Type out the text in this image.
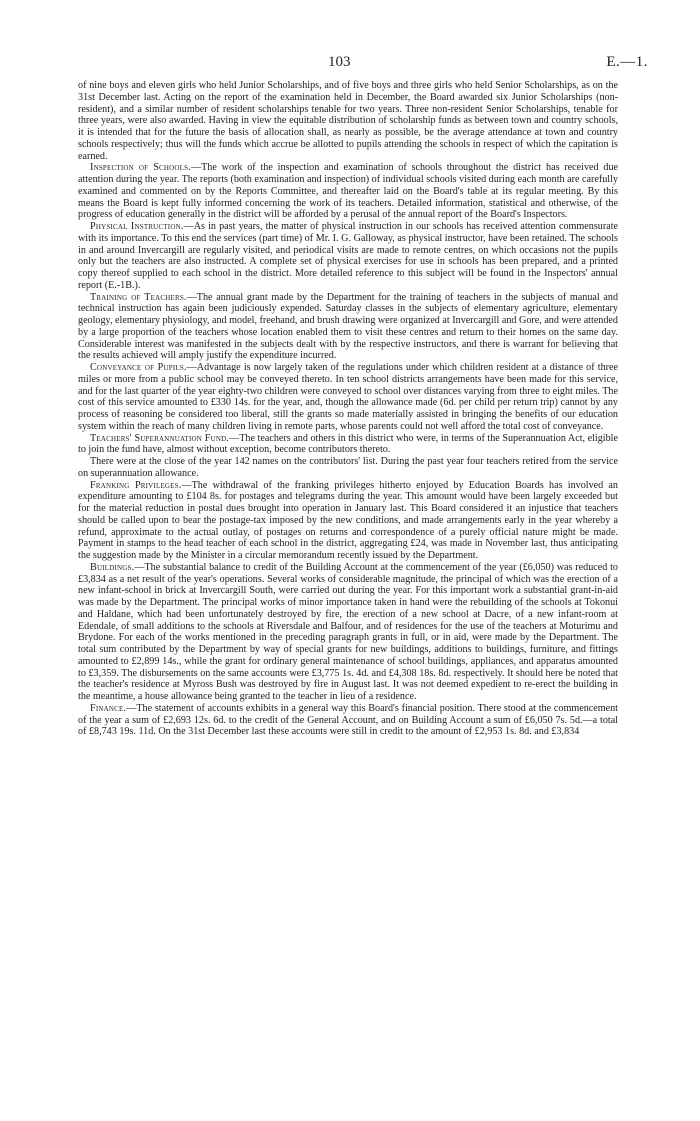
103	E.—1.

of nine boys and eleven girls who held Junior Scholarships, and of five boys and three girls who held Senior Scholarships, as on the 31st December last. Acting on the report of the examination held in December, the Board awarded six Junior Scholarships (non-resident), and a similar number of resident scholarships tenable for two years. Three non-resident Senior Scholarships, tenable for three years, were also awarded. Having in view the equitable distribution of scholarship funds as between town and country schools, it is intended that for the future the basis of allocation shall, as nearly as possible, be the average attendance at town and country schools respectively; thus will the funds which accrue be allotted to pupils attending the schools in respect of which the capitation is earned.

Inspection of Schools.—The work of the inspection and examination of schools throughout the district has received due attention during the year. The reports (both examination and inspection) of individual schools visited during each month are carefully examined and commented on by the Reports Committee, and thereafter laid on the Board's table at its regular meeting. By this means the Board is kept fully informed concerning the work of its teachers. Detailed information, statistical and otherwise, of the progress of education generally in the district will be afforded by a perusal of the annual report of the Board's Inspectors.

Physical Instruction.—As in past years, the matter of physical instruction in our schools has received attention commensurate with its importance. To this end the services (part time) of Mr. I. G. Galloway, as physical instructor, have been retained. The schools in and around Invercargill are regularly visited, and periodical visits are made to remote centres, on which occasions not the pupils only but the teachers are also instructed. A complete set of physical exercises for use in schools has been prepared, and a printed copy thereof supplied to each school in the district. More detailed reference to this subject will be found in the Inspectors' annual report (E.-1B.).

Training of Teachers.—The annual grant made by the Department for the training of teachers in the subjects of manual and technical instruction has again been judiciously expended. Saturday classes in the subjects of elementary agriculture, elementary geology, elementary physiology, and model, freehand, and brush drawing were organized at Invercargill and Gore, and were attended by a large proportion of the teachers whose location enabled them to visit these centres and return to their homes on the same day. Considerable interest was manifested in the subjects dealt with by the respective instructors, and there is warrant for believing that the results achieved will amply justify the expenditure incurred.

Conveyance of Pupils.—Advantage is now largely taken of the regulations under which children resident at a distance of three miles or more from a public school may be conveyed thereto. In ten school districts arrangements have been made for this service, and for the last quarter of the year eighty-two children were conveyed to school over distances varying from three to eight miles. The cost of this service amounted to £330 14s. for the year, and, though the allowance made (6d. per child per return trip) cannot by any process of reasoning be considered too liberal, still the grants so made materially assisted in bringing the benefits of our education system within the reach of many children living in remote parts, whose parents could not well afford the total cost of conveyance.

Teachers' Superannuation Fund.—The teachers and others in this district who were, in terms of the Superannuation Act, eligible to join the fund have, almost without exception, become contributors thereto.

There were at the close of the year 142 names on the contributors' list. During the past year four teachers retired from the service on superannuation allowance.

Franking Privileges.—The withdrawal of the franking privileges hitherto enjoyed by Education Boards has involved an expenditure amounting to £104 8s. for postages and telegrams during the year. This amount would have been largely exceeded but for the material reduction in postal dues brought into operation in January last. This Board considered it an injustice that teachers should be called upon to bear the postage-tax imposed by the new conditions, and made arrangements early in the year whereby a refund, approximate to the actual outlay, of postages on returns and correspondence of a purely official nature might be made. Payment in stamps to the head teacher of each school in the district, aggregating £24, was made in November last, thus anticipating the suggestion made by the Minister in a circular memorandum recently issued by the Department.

Buildings.—The substantial balance to credit of the Building Account at the commencement of the year (£6,050) was reduced to £3,834 as a net result of the year's operations. Several works of considerable magnitude, the principal of which was the erection of a new infant-school in brick at Invercargill South, were carried out during the year. For this important work a substantial grant-in-aid was made by the Department. The principal works of minor importance taken in hand were the rebuilding of the schools at Tokonui and Haldane, which had been unfortunately destroyed by fire, the erection of a new school at Dacre, of a new infant-room at Edendale, of small additions to the schools at Riversdale and Balfour, and of residences for the use of the teachers at Moturimu and Brydone. For each of the works mentioned in the preceding paragraph grants in full, or in aid, were made by the Department. The total sum contributed by the Department by way of special grants for new buildings, additions to buildings, furniture, and fittings amounted to £2,899 14s., while the grant for ordinary general maintenance of school buildings, appliances, and apparatus amounted to £3,359. The disbursements on the same accounts were £3,775 1s. 4d. and £4,308 18s. 8d. respectively. It should here be noted that the teacher's residence at Myross Bush was destroyed by fire in August last. It was not deemed expedient to re-erect the building in the meantime, a house allowance being granted to the teacher in lieu of a residence.

Finance.—The statement of accounts exhibits in a general way this Board's financial position. There stood at the commencement of the year a sum of £2,693 12s. 6d. to the credit of the General Account, and on Building Account a sum of £6,050 7s. 5d.—a total of £8,743 19s. 11d. On the 31st December last these accounts were still in credit to the amount of £2,953 1s. 8d. and £3,834
